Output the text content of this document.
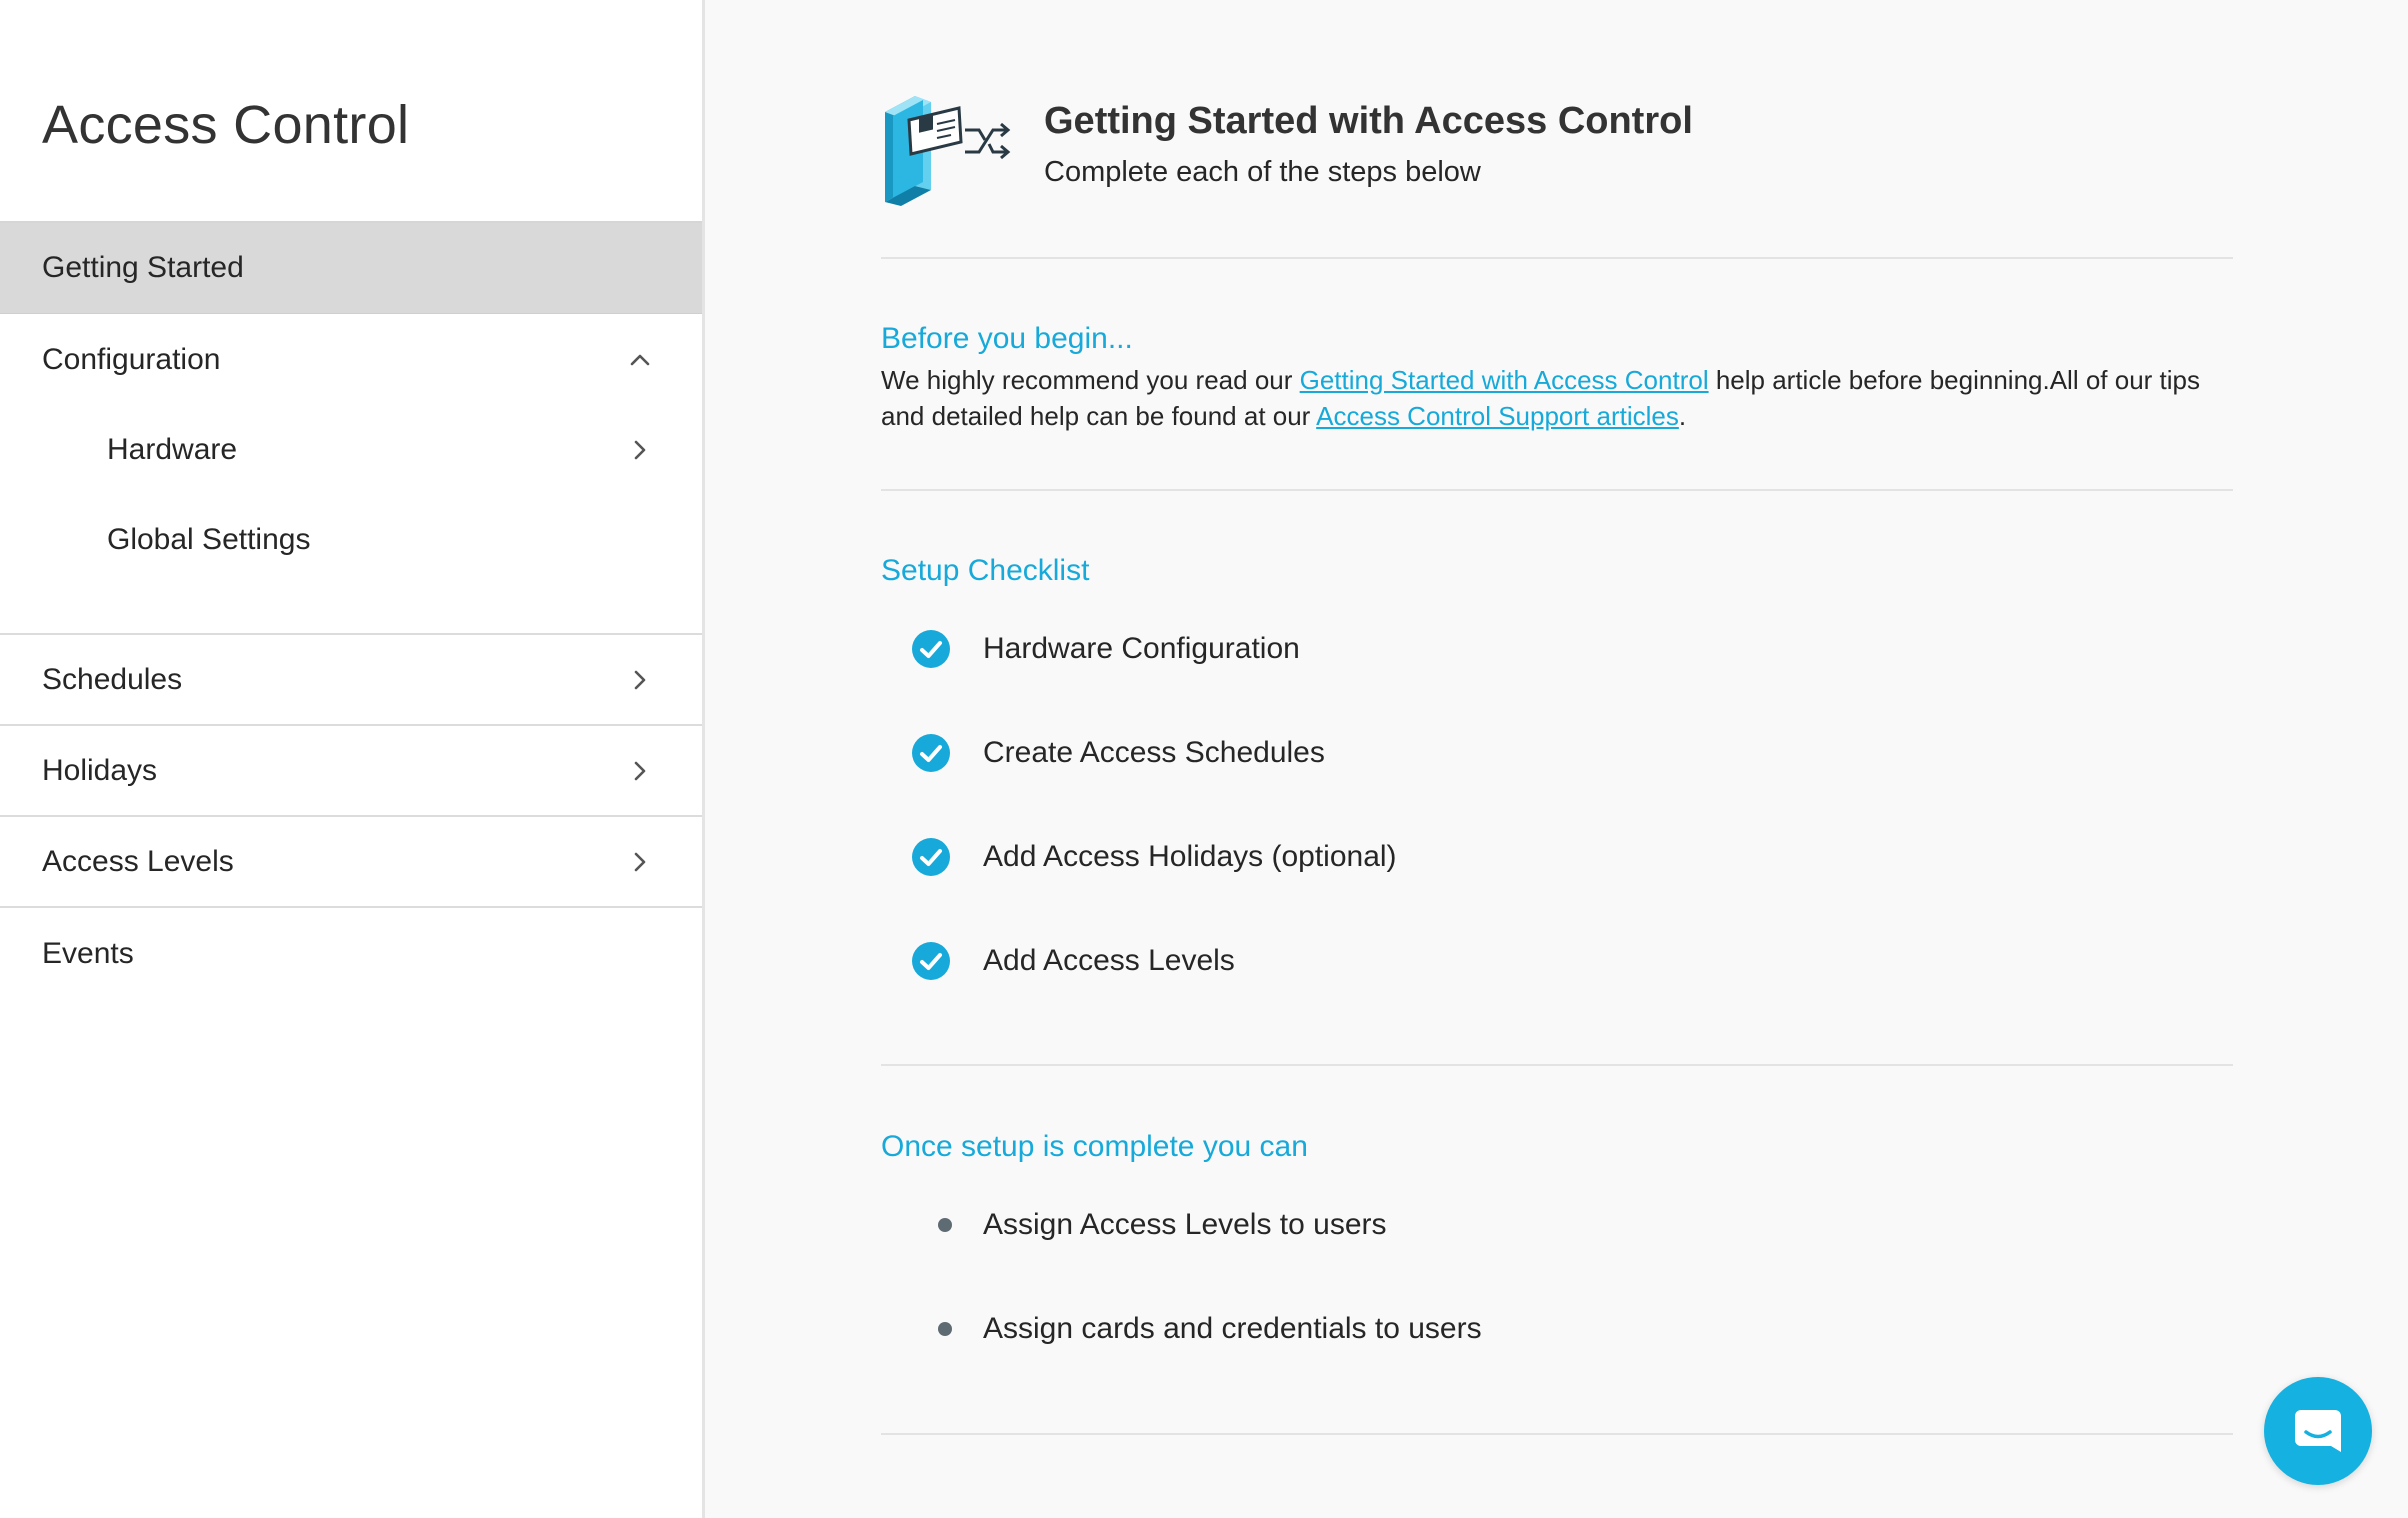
Access Control
Getting Started
Configuration
Hardware
Global Settings
Schedules
Holidays
Access Levels
Events
Getting Started with Access Control
Complete each of the steps below
Before you begin...

We highly recommend you read our Getting Started with Access Control help article before beginning.All of our tips and detailed help can be found at our Access Control Support articles.

Setup Checklist
Hardware Configuration
Create Access Schedules
Add Access Holidays (optional)
Add Access Levels
Once setup is complete you can
Assign Access Levels to users
Assign cards and credentials to users
